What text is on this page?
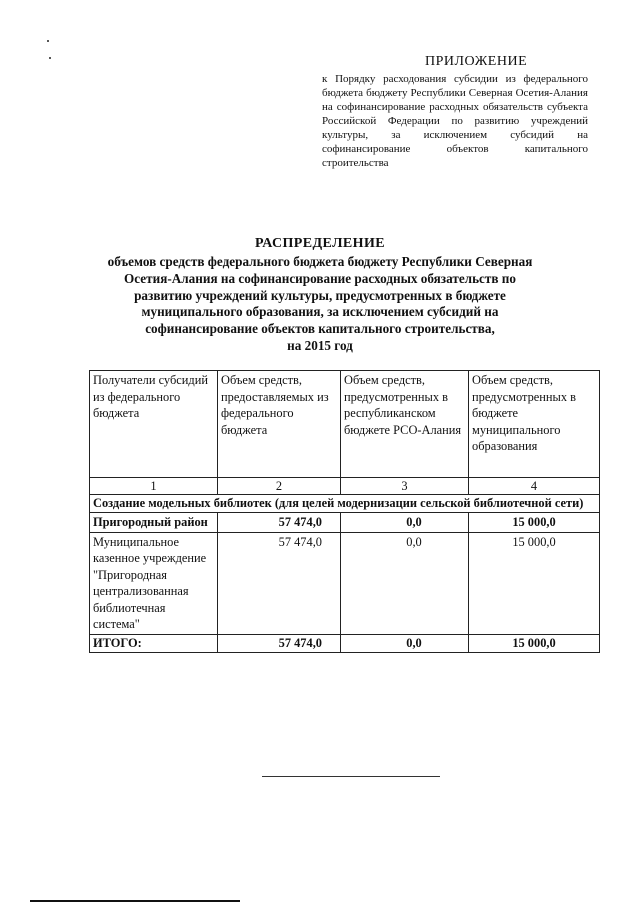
ПРИЛОЖЕНИЕ
к Порядку расходования субсидии из федерального бюджета бюджету Республики Северная Осетия-Алания на софинансирование расходных обязательств субъекта Российской Федерации по развитию учреждений культуры, за исключением субсидий на софинансирование объектов капитального строительства
РАСПРЕДЕЛЕНИЕ
объемов средств федерального бюджета бюджету Республики Северная
Осетия-Алания на софинансирование расходных обязательств по
развитию учреждений культуры, предусмотренных в бюджете
муниципального образования, за исключением субсидий на
софинансирование объектов капитального строительства,
на 2015 год
Получатели субсидий из федерального бюджета	Объем средств, предоставляемых из федерального бюджета	Объем средств, предусмотренных в республиканском бюджете РСО-Алания	Объем средств, предусмотренных в бюджете муниципального образования
1	2	3	4
Создание модельных библиотек (для целей модернизации сельской библиотечной сети)			
Пригородный район	57 474,0	0,0	15 000,0
Муниципальное казенное учреждение "Пригородная централизованная библиотечная система"	57 474,0	0,0	15 000,0
ИТОГО:	57 474,0	0,0	15 000,0
